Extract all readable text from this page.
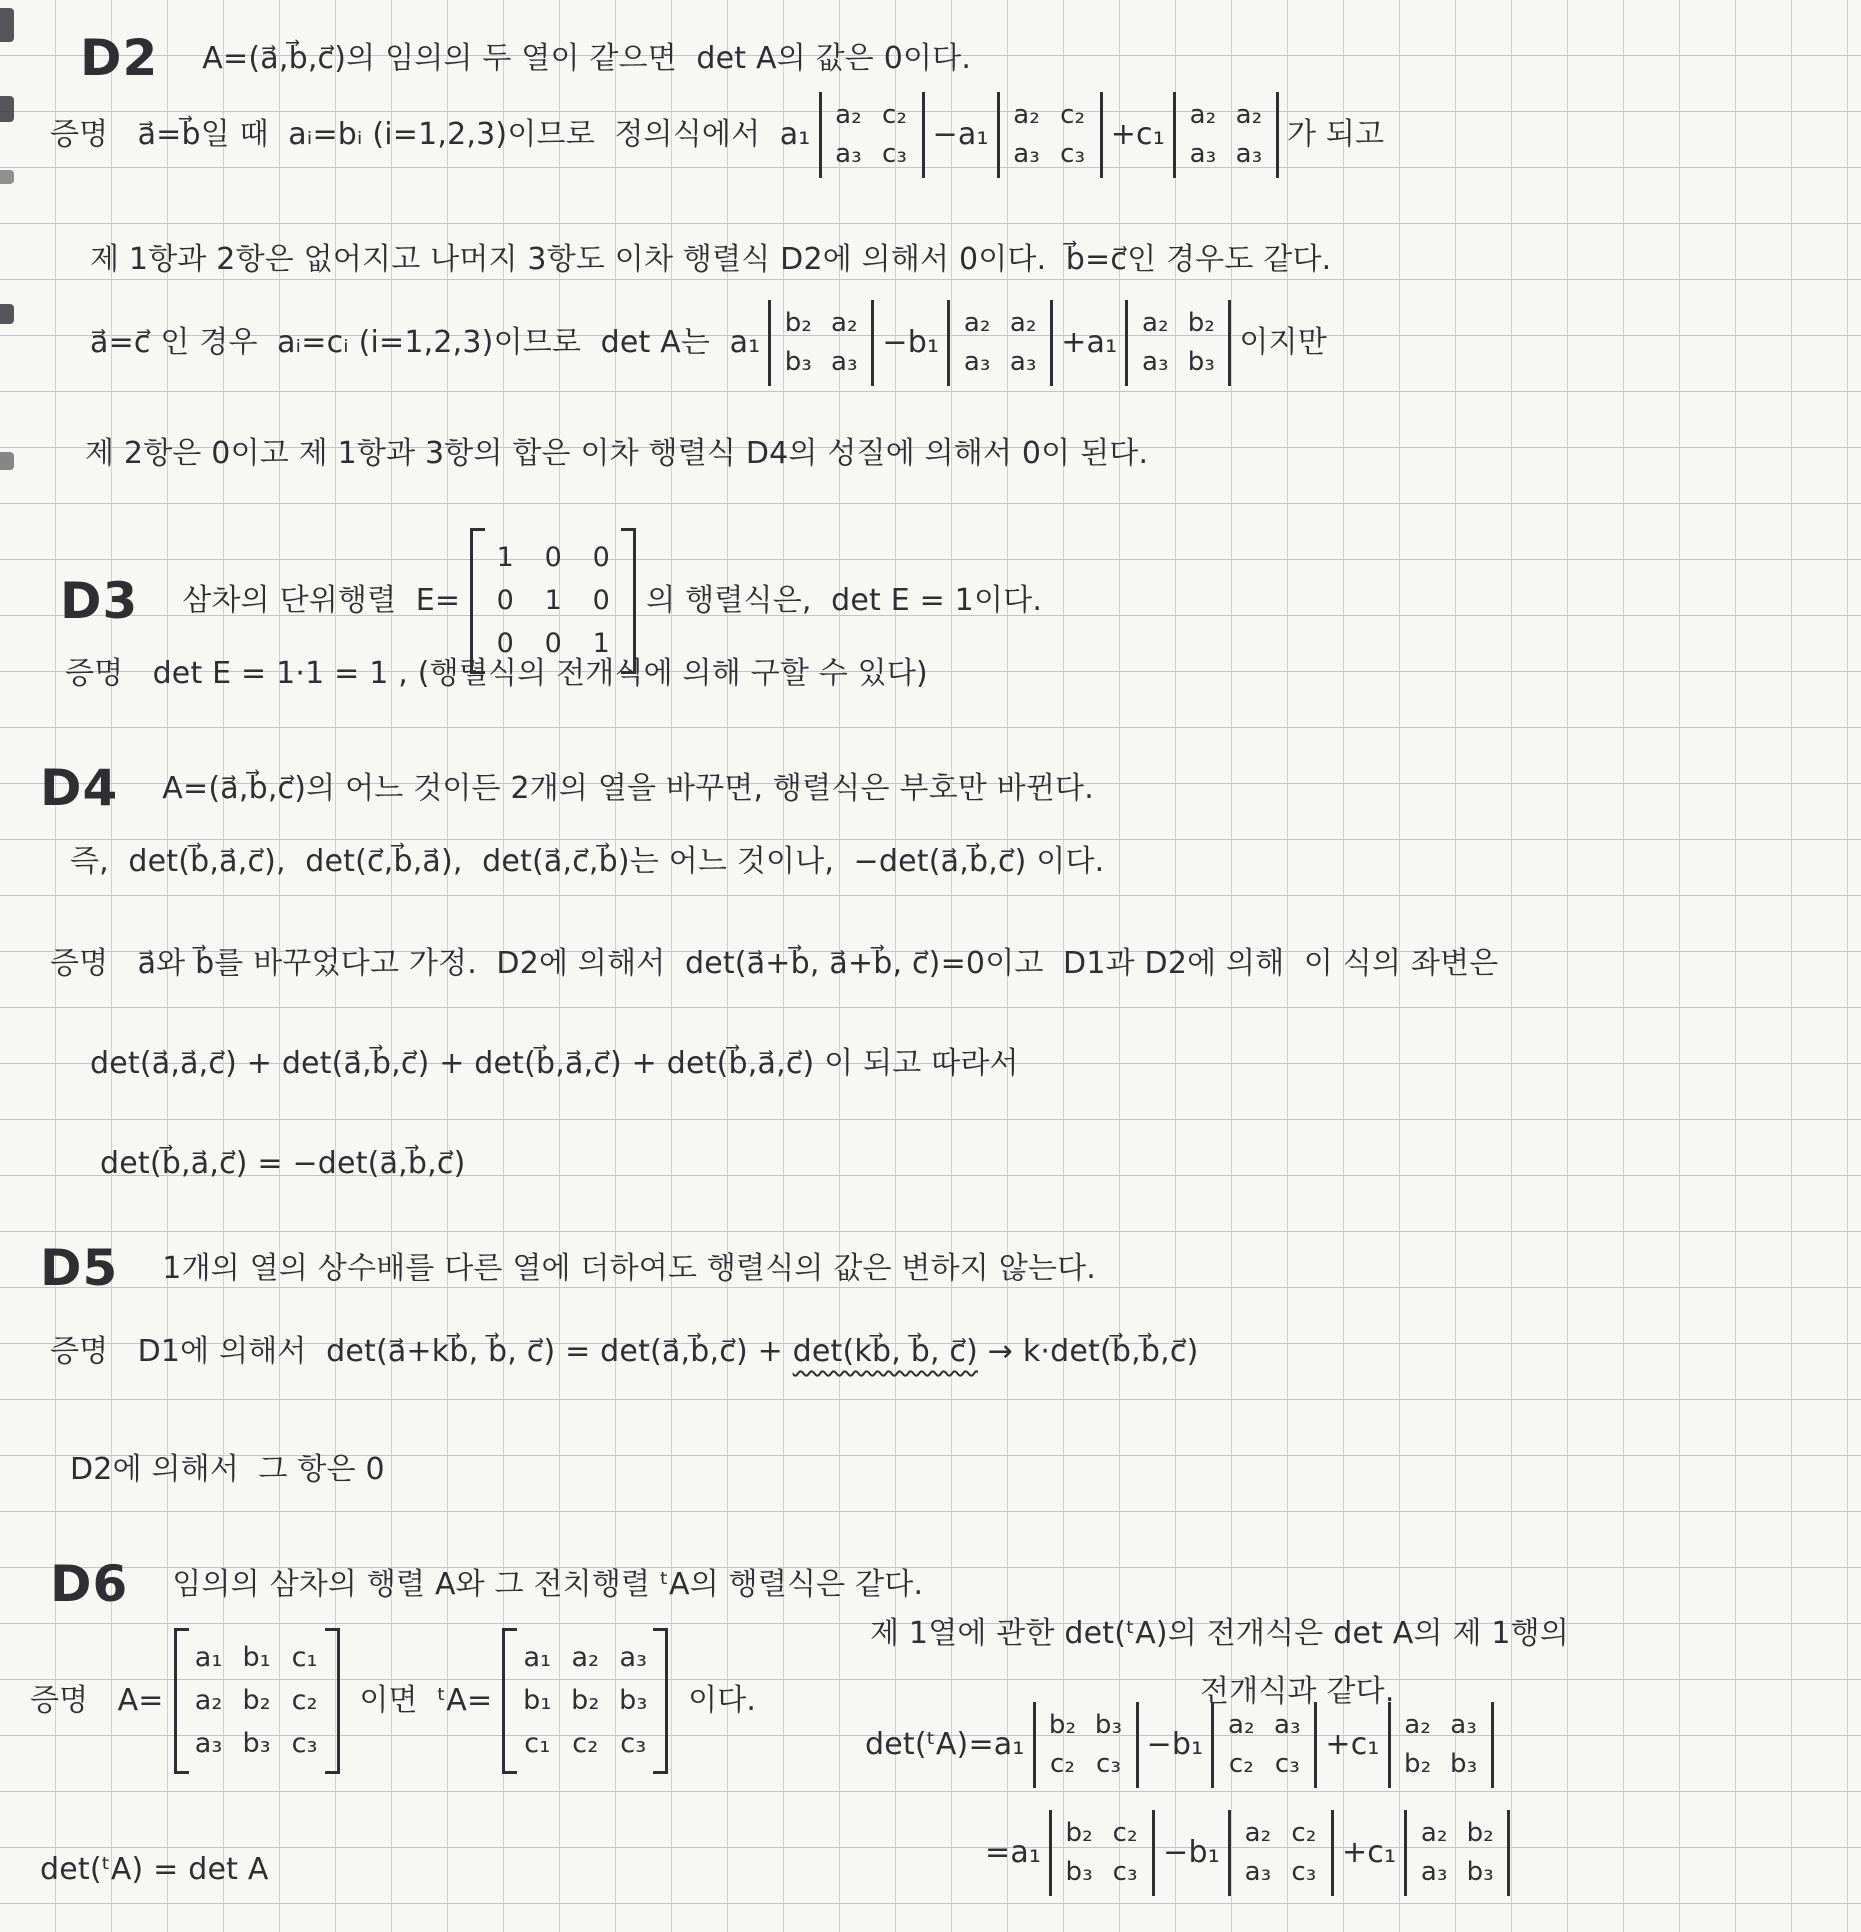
D2 A=(a⃗,b⃗,c⃗)의 임의의 두 열이 같으면  det A의 값은 0이다.
증명   a⃗=b⃗일 때  aᵢ=bᵢ (i=1,2,3)이므로  정의식에서  a₁
a₂ c₂
a₃ c₃
−a₁
a₂ c₂
a₃ c₃
+c₁
a₂ a₂
a₃ a₃
가 되고
제 1항과 2항은 없어지고 나머지 3항도 이차 행렬식 D2에 의해서 0이다.  b⃗=c⃗인 경우도 같다.
a⃗=c⃗ 인 경우  aᵢ=cᵢ (i=1,2,3)이므로  det A는  a₁
b₂ a₂
b₃ a₃
−b₁
a₂ a₂
a₃ a₃
+a₁
a₂ b₂
a₃ b₃
이지만
제 2항은 0이고 제 1항과 3항의 합은 이차 행렬식 D4의 성질에 의해서 0이 된다.
D3 삼차의 단위행렬  E=
1 0 0
0 1 0
0 0 1
의 행렬식은,  det E = 1이다.
증명   det E = 1·1 = 1 , (행렬식의 전개식에 의해 구할 수 있다)
D4 A=(a⃗,b⃗,c⃗)의 어느 것이든 2개의 열을 바꾸면, 행렬식은 부호만 바뀐다.
즉,  det(b⃗,a⃗,c⃗),  det(c⃗,b⃗,a⃗),  det(a⃗,c⃗,b⃗)는 어느 것이나,  −det(a⃗,b⃗,c⃗) 이다.
증명   a⃗와 b⃗를 바꾸었다고 가정.  D2에 의해서  det(a⃗+b⃗, a⃗+b⃗, c⃗)=0이고  D1과 D2에 의해  이 식의 좌변은
det(a⃗,a⃗,c⃗) + det(a⃗,b⃗,c⃗) + det(b⃗,a⃗,c⃗) + det(b⃗,a⃗,c⃗) 이 되고 따라서
det(b⃗,a⃗,c⃗) = −det(a⃗,b⃗,c⃗)
D5 1개의 열의 상수배를 다른 열에 더하여도 행렬식의 값은 변하지 않는다.
증명   D1에 의해서  det(a⃗+kb⃗, b⃗, c⃗) = det(a⃗,b⃗,c⃗) + det(kb⃗, b⃗, c⃗) → k·det(b⃗,b⃗,c⃗)
D2에 의해서  그 항은 0
D6 임의의 삼차의 행렬 A와 그 전치행렬 ᵗA의 행렬식은 같다.
증명   A=
a₁ b₁ c₁
a₂ b₂ c₂
a₃ b₃ c₃
이면  ᵗA=
a₁ a₂ a₃
b₁ b₂ b₃
c₁ c₂ c₃
이다.
제 1열에 관한 det(ᵗA)의 전개식은 det A의 제 1행의
전개식과 같다.
det(ᵗA)=a₁
b₂ b₃
c₂ c₃
−b₁
a₂ a₃
c₂ c₃
+c₁
a₂ a₃
b₂ b₃
=a₁
b₂ c₂
b₃ c₃
−b₁
a₂ c₂
a₃ c₃
+c₁
a₂ b₂
a₃ b₃
det(ᵗA) = det A
